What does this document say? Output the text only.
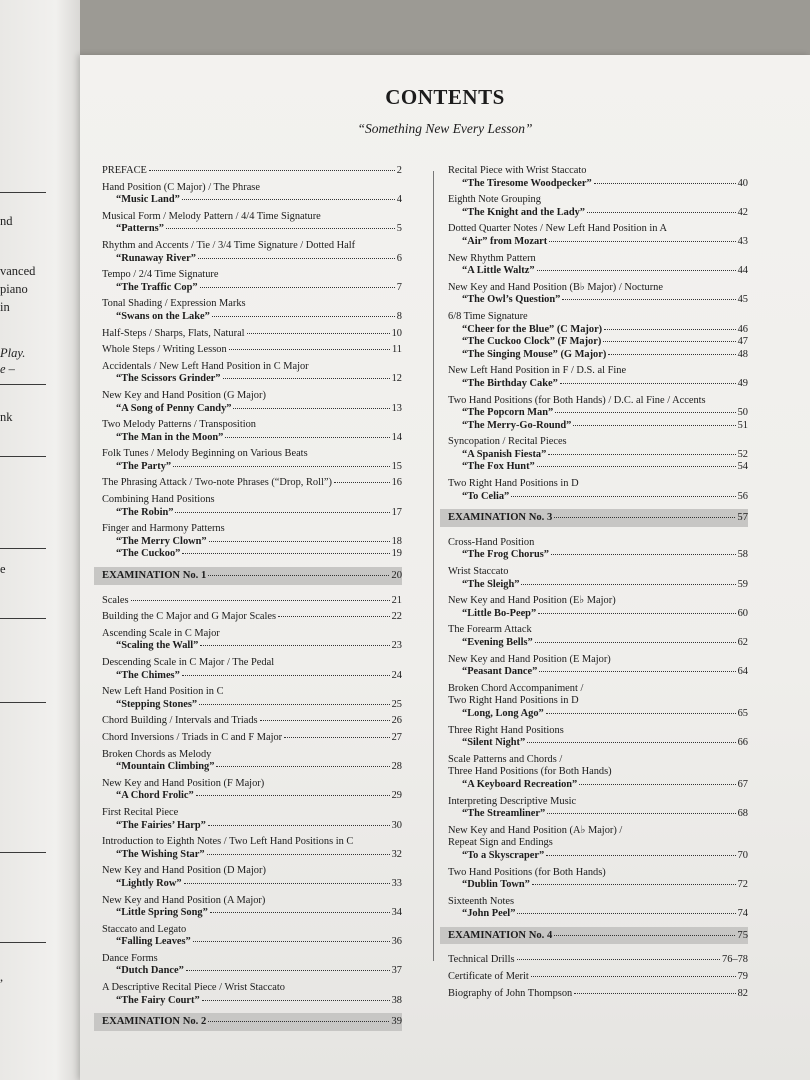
nd
vanced
piano
in
Play.
e –
nk
e
,
CONTENTS
“Something New Every Lesson”
PREFACE	2
Hand Position (C Major) / The Phrase
“Music Land”	4
Musical Form / Melody Pattern / 4/4 Time Signature
“Patterns”	5
Rhythm and Accents / Tie / 3/4 Time Signature / Dotted Half
“Runaway River”	6
Tempo / 2/4 Time Signature
“The Traffic Cop”	7
Tonal Shading / Expression Marks
“Swans on the Lake”	8
Half-Steps / Sharps, Flats, Natural	10
Whole Steps / Writing Lesson	11
Accidentals / New Left Hand Position in C Major
“The Scissors Grinder”	12
New Key and Hand Position (G Major)
“A Song of Penny Candy”	13
Two Melody Patterns / Transposition
“The Man in the Moon”	14
Folk Tunes / Melody Beginning on Various Beats
“The Party”	15
The Phrasing Attack / Two-note Phrases (“Drop, Roll”)	16
Combining Hand Positions
“The Robin”	17
Finger and Harmony Patterns
“The Merry Clown”	18
“The Cuckoo”	19
EXAMINATION No. 1	20
Scales	21
Building the C Major and G Major Scales	22
Ascending Scale in C Major
“Scaling the Wall”	23
Descending Scale in C Major / The Pedal
“The Chimes”	24
New Left Hand Position in C
“Stepping Stones”	25
Chord Building / Intervals and Triads	26
Chord Inversions / Triads in C and F Major	27
Broken Chords as Melody
“Mountain Climbing”	28
New Key and Hand Position (F Major)
“A Chord Frolic”	29
First Recital Piece
“The Fairies’ Harp”	30
Introduction to Eighth Notes / Two Left Hand Positions in C
“The Wishing Star”	32
New Key and Hand Position (D Major)
“Lightly Row”	33
New Key and Hand Position (A Major)
“Little Spring Song”	34
Staccato and Legato
“Falling Leaves”	36
Dance Forms
“Dutch Dance”	37
A Descriptive Recital Piece / Wrist Staccato
“The Fairy Court”	38
EXAMINATION No. 2	39
Recital Piece with Wrist Staccato
“The Tiresome Woodpecker”	40
Eighth Note Grouping
“The Knight and the Lady”	42
Dotted Quarter Notes / New Left Hand Position in A
“Air” from Mozart	43
New Rhythm Pattern
“A Little Waltz”	44
New Key and Hand Position (B♭ Major) / Nocturne
“The Owl’s Question”	45
6/8 Time Signature
“Cheer for the Blue” (C Major)	46
“The Cuckoo Clock” (F Major)	47
“The Singing Mouse” (G Major)	48
New Left Hand Position in F / D.S. al Fine
“The Birthday Cake”	49
Two Hand Positions (for Both Hands) / D.C. al Fine / Accents
“The Popcorn Man”	50
“The Merry-Go-Round”	51
Syncopation / Recital Pieces
“A Spanish Fiesta”	52
“The Fox Hunt”	54
Two Right Hand Positions in D
“To Celia”	56
EXAMINATION No. 3	57
Cross-Hand Position
“The Frog Chorus”	58
Wrist Staccato
“The Sleigh”	59
New Key and Hand Position (E♭ Major)
“Little Bo-Peep”	60
The Forearm Attack
“Evening Bells”	62
New Key and Hand Position (E Major)
“Peasant Dance”	64
Broken Chord Accompaniment /
Two Right Hand Positions in D
“Long, Long Ago”	65
Three Right Hand Positions
“Silent Night”	66
Scale Patterns and Chords /
Three Hand Positions (for Both Hands)
“A Keyboard Recreation”	67
Interpreting Descriptive Music
“The Streamliner”	68
New Key and Hand Position (A♭ Major) /
Repeat Sign and Endings
“To a Skyscraper”	70
Two Hand Positions (for Both Hands)
“Dublin Town”	72
Sixteenth Notes
“John Peel”	74
EXAMINATION No. 4	75
Technical Drills	76–78
Certificate of Merit	79
Biography of John Thompson	82
